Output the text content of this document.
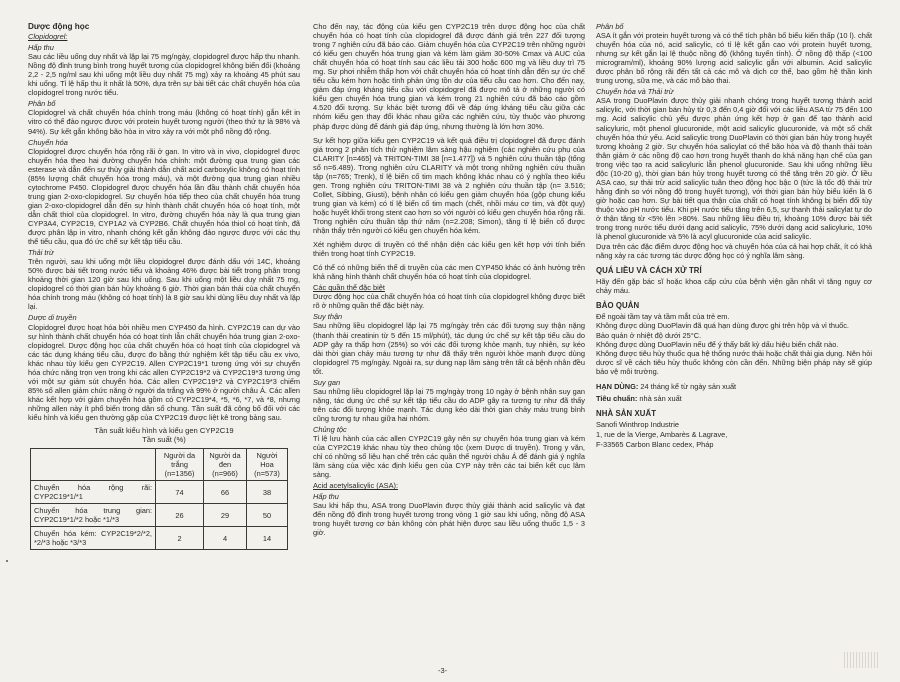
Dược động học
Clopidogrel:
Hấp thu

Sau các liều uống duy nhất và lặp lại 75 mg/ngày, clopidogrel được hấp thu nhanh. Nồng độ đỉnh trung bình trong huyết tương của clopidogrel không biến đổi (khoảng 2,2 - 2,5 ng/ml sau khi uống một liều duy nhất 75 mg) xảy ra khoảng 45 phút sau khi uống. Tỉ lệ hấp thu ít nhất là 50%, dựa trên sự bài tiết các chất chuyển hóa của clopidogrel trong nước tiểu.

Phân bố

Clopidogrel và chất chuyển hóa chính trong máu (không có hoạt tính) gắn kết in vitro có thể đảo ngược được với protein huyết tương người (theo thứ tự là 98% và 94%). Sự kết gắn không bão hòa in vitro xảy ra với một phổ nồng độ rộng.

Chuyển hóa

Clopidogrel được chuyển hóa rộng rãi ở gan. In vitro và in vivo, clopidogrel được chuyển hóa theo hai đường chuyển hóa chính: một đường qua trung gian các esterase và dẫn đến sự thủy giải thành dẫn chất acid carboxylic không có hoạt tính (85% lượng chất chuyển hóa trong máu), và một đường qua trung gian nhiều cytochrome P450. Clopidogrel được chuyển hóa lần đầu thành chất chuyển hóa trung gian 2-oxo-clopidogrel. Sự chuyển hóa tiếp theo của chất chuyển hóa trung gian 2-oxo-clopidogrel dẫn đến sự hình thành chất chuyển hóa có hoạt tính, một dẫn chất thiol của clopidogrel. In vitro, đường chuyển hóa này là qua trung gian CYP3A4, CYP2C19, CYP1A2 và CYP2B6. Chất chuyển hóa thiol có hoạt tính, đã được phân lập in vitro, nhanh chóng kết gắn không đảo ngược được với các thụ thể tiểu cầu, qua đó ức chế sự kết tập tiểu cầu.

Thải trừ

Trên người, sau khi uống một liều clopidogrel được đánh dấu với 14C, khoảng 50% được bài tiết trong nước tiểu và khoảng 46% được bài tiết trong phân trong khoảng thời gian 120 giờ sau khi uống. Sau khi uống một liều duy nhất 75 mg, clopidogrel có thời gian bán hủy khoảng 6 giờ. Thời gian bán thải của chất chuyển hóa chính trong máu (không có hoạt tính) là 8 giờ sau khi dùng liều duy nhất và lặp lại.

Dược di truyền

Clopidogrel được hoạt hóa bởi nhiều men CYP450 đa hình. CYP2C19 can dự vào sự hình thành chất chuyển hóa có hoạt tính lẫn chất chuyển hóa trung gian 2-oxo-clopidogrel. Dược động học của chất chuyển hóa có hoạt tính của clopidogrel và các tác dụng kháng tiểu cầu, được đo bằng thử nghiệm kết tập tiểu cầu ex vivo, khác nhau tùy kiểu gen CYP2C19. Allen CYP2C19*1 tương ứng với sự chuyển hóa chức năng trọn vẹn trong khi các allen CYP2C19*2 và CYP2C19*3 tương ứng với một sự giảm sút chuyển hóa. Các allen CYP2C19*2 và CYP2C19*3 chiếm 85% số allen giảm chức năng ở người da trắng và 99% ở người châu Á. Các allen khác kết hợp với giảm chuyển hóa gồm có CYP2C19*4, *5, *6, *7, và *8, nhưng những allen này ít phổ biến trong dân số chung. Tần suất đã công bố đối với các kiểu hình và kiểu gen thường gặp của CYP2C19 được liệt kê trong bảng sau.

Tần suất kiểu hình và kiểu gen CYP2C19
Tần suất (%)
	Người da trắng (n=1356)	Người da đen (n=966)	Người Hoa (n=573)
Chuyển hóa rộng rãi: CYP2C19*1/*1	74	66	38
Chuyển hóa trung gian: CYP2C19*1/*2 hoặc *1/*3	26	29	50
Chuyển hóa kém: CYP2C19*2/*2, *2/*3 hoặc *3/*3	2	4	14

Cho đến nay, tác động của kiểu gen CYP2C19 trên dược động học của chất chuyển hóa có hoạt tính của clopidogrel đã được đánh giá trên 227 đối tượng trong 7 nghiên cứu đã báo cáo. Giảm chuyển hóa của CYP2C19 trên những người có kiểu gen chuyển hóa trung gian và kém làm giảm 30-50% Cmax và AUC của chất chuyển hóa có hoạt tính sau các liều tải 300 hoặc 600 mg và liều duy trì 75 mg. Sự phơi nhiễm thấp hơn với chất chuyển hóa có hoạt tính dẫn đến sự ức chế tiểu cầu kém hơn hoặc tính phản ứng tồn dư của tiểu cầu cao hơn. Cho đến nay, giảm đáp ứng kháng tiểu cầu với clopidogrel đã được mô tả ở những người có kiểu gen chuyển hóa trung gian và kém trong 21 nghiên cứu đã báo cáo gồm 4.520 đối tượng. Sự khác biệt tương đối về đáp ứng kháng tiểu cầu giữa các nhóm kiểu gen thay đổi khác nhau giữa các nghiên cứu, tùy thuộc vào phương pháp được dùng để đánh giá đáp ứng, nhưng thường là lớn hơn 30%.

Sự kết hợp giữa kiểu gen CYP2C19 và kết quả điều trị clopidogrel đã được đánh giá trong 2 phân tích thử nghiệm lâm sàng hậu nghiệm (các nghiên cứu phụ của CLARITY [n=465] và TRITON-TIMI 38 [n=1.477]) và 5 nghiên cứu thuần tập (tổng số n=6.489). Trong nghiên cứu CLARITY và một trong những nghiên cứu thuần tập (n=765; Trenk), tỉ lệ biến cố tim mạch không khác nhau có ý nghĩa theo kiểu gen. Trong nghiên cứu TRITON-TIMI 38 và 2 nghiên cứu thuần tập (n= 3.516; Collet, Sibbing, Giusti), bệnh nhân có kiểu gen giảm chuyển hóa (gộp chung kiểu trung gian và kém) có tỉ lệ biến cố tim mạch (chết, nhồi máu cơ tim, và đột quỵ) hoặc huyết khối trong stent cao hơn so với người có kiểu gen chuyển hóa rộng rãi. Trong nghiên cứu thuần tập thứ năm (n=2.208; Simon), tăng tỉ lệ biến cố được nhận thấy trên người có kiểu gen chuyển hóa kém.

Xét nghiệm dược di truyền có thể nhận diện các kiểu gen kết hợp với tính biến thiên trong hoạt tính CYP2C19.

Có thể có những biến thể di truyền của các men CYP450 khác có ảnh hưởng trên khả năng hình thành chất chuyển hóa có hoạt tính của clopidogrel.

Các quần thể đặc biệt

Dược động học của chất chuyển hóa có hoạt tính của clopidogrel không được biết rõ ở những quần thể đặc biệt này.

Suy thận

Sau những liều clopidogrel lặp lại 75 mg/ngày trên các đối tượng suy thận nặng (thanh thải creatinin từ 5 đến 15 ml/phút), tác dụng ức chế sự kết tập tiểu cầu do ADP gây ra thấp hơn (25%) so với các đối tượng khỏe mạnh, tuy nhiên, sự kéo dài thời gian chảy máu tương tự như đã thấy trên người khỏe mạnh được dùng clopidogrel 75 mg/ngày. Ngoài ra, sự dung nạp lâm sàng trên tất cả bệnh nhân đều tốt.

Suy gan

Sau những liều clopidogrel lặp lại 75 mg/ngày trong 10 ngày ở bệnh nhân suy gan nặng, tác dụng ức chế sự kết tập tiểu cầu do ADP gây ra tương tự như đã thấy trên các đối tượng khỏe mạnh. Tác dụng kéo dài thời gian chảy máu trung bình cũng tương tự nhau giữa hai nhóm.

Chủng tộc

Tỉ lệ lưu hành của các allen CYP2C19 gây nên sự chuyển hóa trung gian và kém của CYP2C19 khác nhau tùy theo chủng tộc (xem Dược di truyền). Trong y văn, chỉ có những số liệu hạn chế trên các quần thể người châu Á để đánh giá ý nghĩa lâm sàng của việc xác định kiểu gen của CYP này trên các tai biến kết cục lâm sàng.

Acid acetylsalicylic (ASA):
Hấp thu

Sau khi hấp thu, ASA trong DuoPlavin được thủy giải thành acid salicylic và đạt đến nồng độ đỉnh trong huyết tương trong vòng 1 giờ sau khi uống, nồng độ ASA trong huyết tương cơ bản không còn phát hiện được sau liều uống thuốc 1,5 - 3 giờ.

Phân bố

ASA ít gắn với protein huyết tương và có thể tích phân bố biểu kiến thấp (10 l). chất chuyển hóa của nó, acid salicylic, có tỉ lệ kết gắn cao với protein huyết tương, nhưng sự kết gắn lại lệ thuộc nồng độ (không tuyến tính). Ở nồng độ thấp (<100 microgram/ml), khoảng 90% lượng acid salicylic gắn với albumin. Acid salicylic được phân bố rộng rãi đến tất cả các mô và dịch cơ thể, bao gồm hệ thần kinh trung ương, sữa mẹ, và các mô bào thai.

Chuyển hóa và Thải trừ

ASA trong DuoPlavin được thủy giải nhanh chóng trong huyết tương thành acid salicylic, với thời gian bán hủy từ 0,3 đến 0,4 giờ đối với các liều ASA từ 75 đến 100 mg. Acid salicylic chủ yếu được phản ứng kết hợp ở gan để tạo thành acid salicyluric, một phenol glucuronide, một acid salicylic glucuronide, và một số chất chuyển hóa thứ yếu. Acid salicylic trong DuoPlavin có thời gian bán hủy trong huyết tương khoảng 2 giờ. Sự chuyển hóa salicylat có thể bão hòa và độ thanh thải toàn thân giảm ở các nồng độ cao hơn trong huyết thanh do khả năng hạn chế của gan trong việc tạo ra acid salicyluric lẫn phenol glucuronide. Sau khi uống những liều độc (10-20 g), thời gian bán hủy trong huyết tương có thể tăng trên 20 giờ. Ở liều ASA cao, sự thải trừ acid salicylic tuân theo động học bậc 0 (tức là tốc độ thải trừ hằng định so với nồng độ trong huyết tương), với thời gian bán hủy biểu kiến là 6 giờ hoặc cao hơn. Sự bài tiết qua thận của chất có hoạt tính không bị biến đổi tùy thuộc vào pH nước tiểu. Khi pH nước tiểu tăng trên 6,5, sự thanh thải salicylat tự do ở thận tăng từ <5% lên >80%. Sau những liều điều trị, khoảng 10% được bài tiết trong trong nước tiểu dưới dạng acid salicylic, 75% dưới dạng acid salicyluric, 10% là phenol glucuronide và 5% là acyl glucuronide của acid salicylic.

Dựa trên các đặc điểm dược động học và chuyển hóa của cả hai hợp chất, ít có khả năng xảy ra các tương tác dược động học có ý nghĩa lâm sàng.

QUÁ LIỀU VÀ CÁCH XỬ TRÍ

Hãy đến gặp bác sĩ hoặc khoa cấp cứu của bệnh viện gần nhất vì tăng nguy cơ chảy máu.

BẢO QUẢN
Để ngoài tầm tay và tầm mắt của trẻ em.
Không được dùng DuoPlavin đã quá hạn dùng được ghi trên hộp và vỉ thuốc.
Bảo quản ở nhiệt độ dưới 25°C.
Không được dùng DuoPlavin nếu để ý thấy bất kỳ dấu hiệu biến chất nào.
Không được tiêu hủy thuốc qua hệ thống nước thải hoặc chất thải gia dụng. Nên hỏi dược sĩ về cách tiêu hủy thuốc không còn cần đến. Những biện pháp này sẽ giúp bảo vệ môi trường.
HẠN DÙNG: 24 tháng kể từ ngày sản xuất
Tiêu chuẩn: nhà sản xuất
NHÀ SẢN XUẤT
Sanofi Winthrop Industrie
1, rue de la Vierge, Ambarès & Lagrave,
F-33565 Carbon Blanc cedex, Pháp
-3-
